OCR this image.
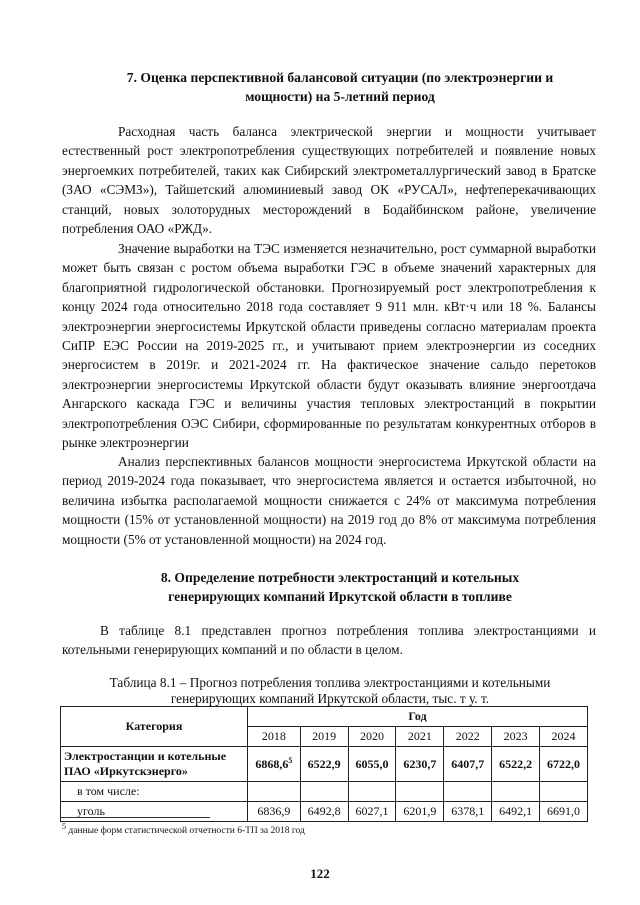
7. Оценка перспективной балансовой ситуации (по электроэнергии и мощности) на 5-летний период

Расходная часть баланса электрической энергии и мощности учитывает естественный рост электропотребления существующих потребителей и появление новых энергоемких потребителей, таких как Сибирский электрометаллургический завод в Братске (ЗАО «СЭМЗ»), Тайшетский алюминиевый завод ОК «РУСАЛ», нефтеперекачивающих станций, новых золоторудных месторождений в Бодайбинском районе, увеличение потребления ОАО «РЖД».

Значение выработки на ТЭС изменяется незначительно, рост суммарной выработки может быть связан с ростом объема выработки ГЭС в объеме значений характерных для благоприятной гидрологической обстановки. Прогнозируемый рост электропотребления к концу 2024 года относительно 2018 года составляет 9 911 млн. кВт·ч или 18 %. Балансы электроэнергии энергосистемы Иркутской области приведены согласно материалам проекта СиПР ЕЭС России на 2019-2025 гг., и учитывают прием электроэнергии из соседних энергосистем в 2019г. и 2021-2024 гг. На фактическое значение сальдо перетоков электроэнергии энергосистемы Иркутской области будут оказывать влияние энергоотдача Ангарского каскада ГЭС и величины участия тепловых электростанций в покрытии электропотребления ОЭС Сибири, сформированные по результатам конкурентных отборов в рынке электроэнергии

Анализ перспективных балансов мощности энергосистема Иркутской области на период 2019-2024 года показывает, что энергосистема является и остается избыточной, но величина избытка располагаемой мощности снижается с 24% от максимума потребления мощности (15% от установленной мощности) на 2019 год до 8% от максимума потребления мощности (5% от установленной мощности) на 2024 год.

8. Определение потребности электростанций и котельных генерирующих компаний Иркутской области в топливе

В таблице 8.1 представлен прогноз потребления топлива электростанциями и котельными генерирующих компаний и по области в целом.

Таблица 8.1 – Прогноз потребления топлива электростанциями и котельными генерирующих компаний Иркутской области, тыс. т у. т.

Категория	Год						
	2018	2019	2020	2021	2022	2023	2024
Электростанции и котельные ПАО «Иркутскэнерго»	6868,6$^5$	6522,9	6055,0	6230,7	6407,7	6522,2	6722,0
в том числе:							
уголь	6836,9	6492,8	6027,1	6201,9	6378,1	6492,1	6691,0

$^5$ данные форм статистической отчетности 6-ТП за 2018 год

122
